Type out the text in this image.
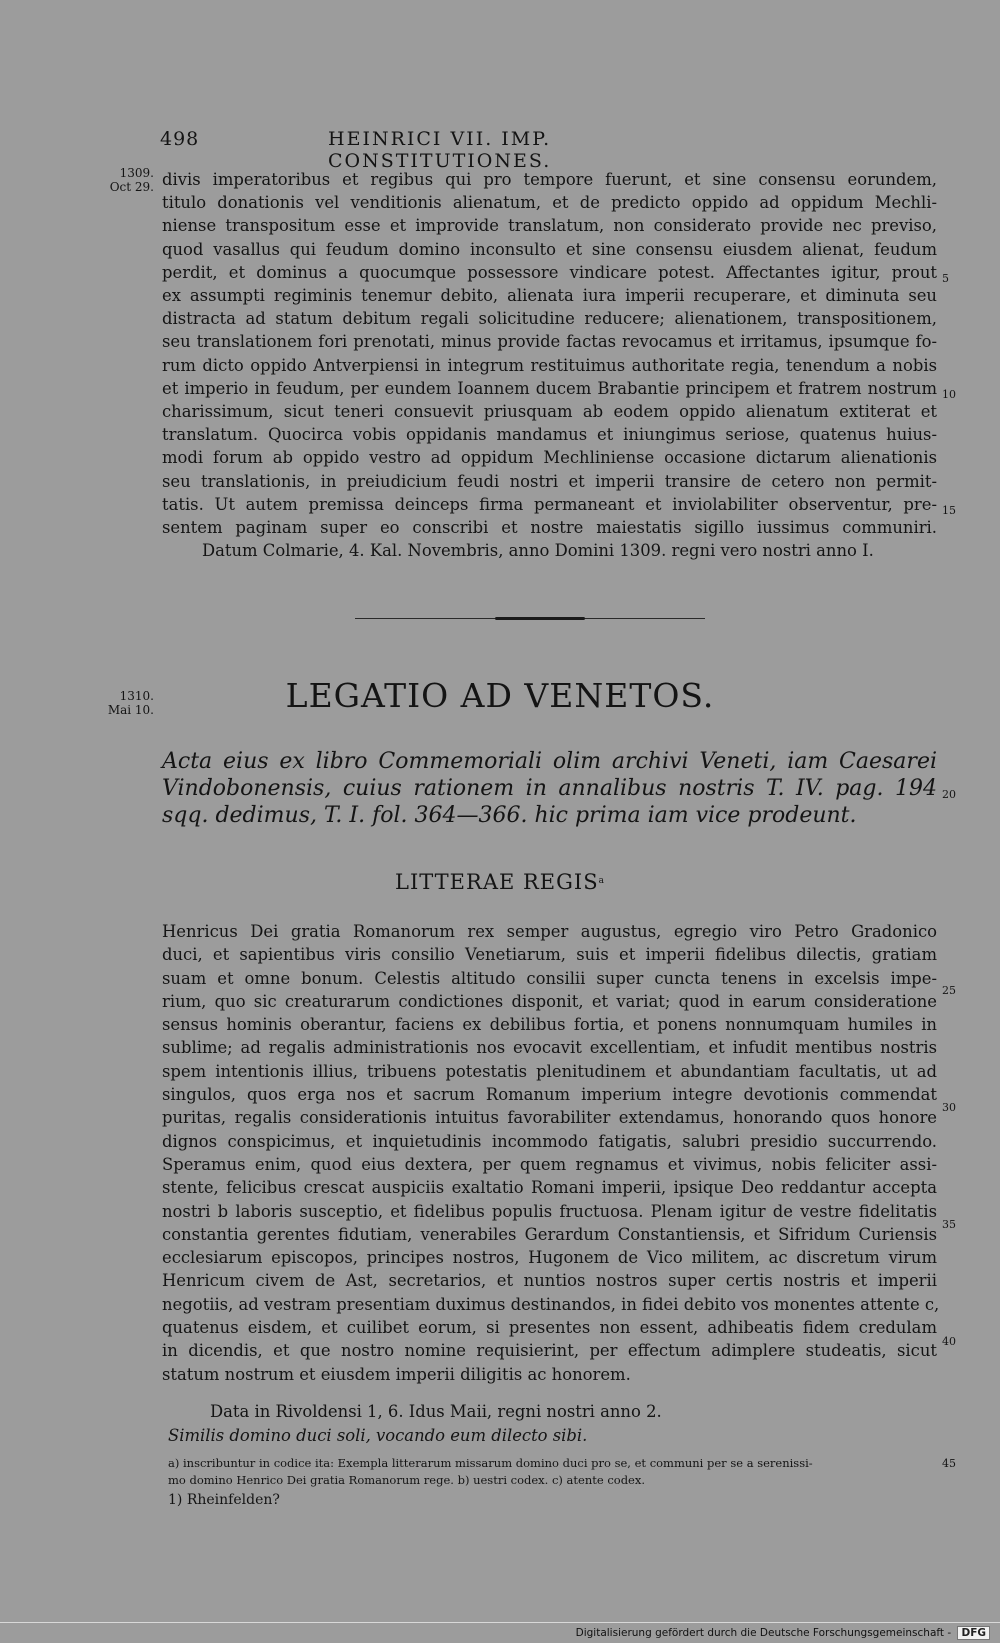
498	HEINRICI VII. IMP. CONSTITUTIONES.
1309.
Oct 29. divis imperatoribus et regibus qui pro tempore fuerunt, et sine consensu eorundem,
titulo donationis vel venditionis alienatum, et de predicto oppido ad oppidum Mechli-
niense transpositum esse et improvide translatum, non considerato provide nec previso,
quod vasallus qui feudum domino inconsulto et sine consensu eiusdem alienat, feudum
perdit, et dominus a quocumque possessore vindicare potest. Affectantes igitur, prout
ex assumpti regiminis tenemur debito, alienata iura imperii recuperare, et diminuta seu
distracta ad statum debitum regali solicitudine reducere; alienationem, transpositionem,
seu translationem fori prenotati, minus provide factas revocamus et irritamus, ipsumque fo-
rum dicto oppido Antverpiensi in integrum restituimus authoritate regia, tenendum a nobis
et imperio in feudum, per eundem Ioannem ducem Brabantie principem et fratrem nostrum
charissimum, sicut teneri consuevit priusquam ab eodem oppido alienatum extiterat et
translatum. Quocirca vobis oppidanis mandamus et iniungimus seriose, quatenus huius-
modi forum ab oppido vestro ad oppidum Mechliniense occasione dictarum alienationis
seu translationis, in preiudicium feudi nostri et imperii transire de cetero non permit-
tatis. Ut autem premissa deinceps firma permaneant et inviolabiliter observentur, pre-
sentem paginam super eo conscribi et nostre maiestatis sigillo iussimus communiri.
Datum Colmarie, 4. Kal. Novembris, anno Domini 1309. regni vero nostri anno I.

5
10
15
1310.
Mai 10.	LEGATIO AD VENETOS.

Acta eius ex libro Commemoriali olim archivi Veneti, iam Caesarei
Vindobonensis, cuius rationem in annalibus nostris T. IV. pag. 194
sqq. dedimus, T. I. fol. 364—366. hic prima iam vice prodeunt.

20
LITTERAE REGIS$^a$

Henricus Dei gratia Romanorum rex semper augustus, egregio viro Petro Gradonico
duci, et sapientibus viris consilio Venetiarum, suis et imperii fidelibus dilectis, gratiam
suam et omne bonum. Celestis altitudo consilii super cuncta tenens in excelsis impe-
rium, quo sic creaturarum condictiones disponit, et variat; quod in earum consideratione
sensus hominis oberantur, faciens ex debilibus fortia, et ponens nonnumquam humiles in
sublime; ad regalis administrationis nos evocavit excellentiam, et infudit mentibus nostris
spem intentionis illius, tribuens potestatis plenitudinem et abundantiam facultatis, ut ad
singulos, quos erga nos et sacrum Romanum imperium integre devotionis commendat
puritas, regalis considerationis intuitus favorabiliter extendamus, honorando quos honore
dignos conspicimus, et inquietudinis incommodo fatigatis, salubri presidio succurrendo.
Speramus enim, quod eius dextera, per quem regnamus et vivimus, nobis feliciter assi-
stente, felicibus crescat auspiciis exaltatio Romani imperii, ipsique Deo reddantur accepta
nostri b laboris susceptio, et fidelibus populis fructuosa. Plenam igitur de vestre fidelitatis
constantia gerentes fidutiam, venerabiles Gerardum Constantiensis, et Sifridum Curiensis
ecclesiarum episcopos, principes nostros, Hugonem de Vico militem, ac discretum virum
Henricum civem de Ast, secretarios, et nuntios nostros super certis nostris et imperii
negotiis, ad vestram presentiam duximus destinandos, in fidei debito vos monentes attente c,
quatenus eisdem, et cuilibet eorum, si presentes non essent, adhibeatis fidem credulam
in dicendis, et que nostro nomine requisierint, per effectum adimplere studeatis, sicut
statum nostrum et eiusdem imperii diligitis ac honorem.

25
30
35
40
Data in Rivoldensi 1, 6. Idus Maii, regni nostri anno 2.
Similis domino duci soli, vocando eum dilecto sibi.
a) inscribuntur in codice ita: Exempla litterarum missarum domino duci pro se, et communi per se a serenissi-
mo domino Henrico Dei gratia Romanorum rege. b) uestri codex. c) atente codex.
45
1) Rheinfelden?
Digitalisierung gefördert durch die Deutsche Forschungsgemeinschaft - DFG
